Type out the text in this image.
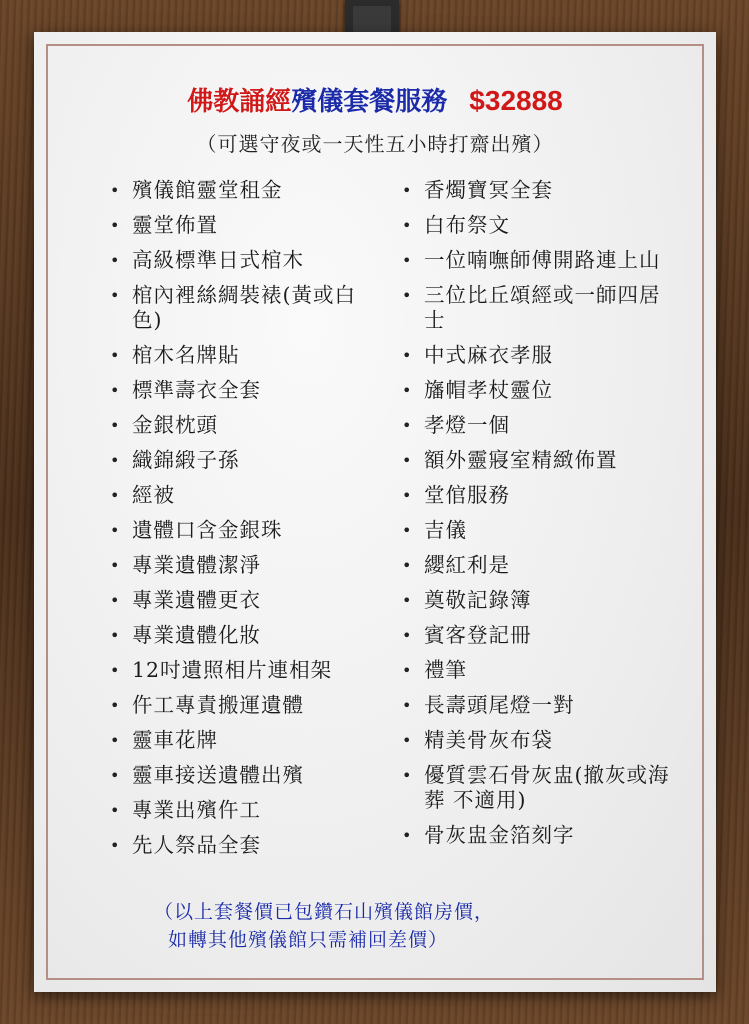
佛教誦經殯儀套餐服務 $32888
（可選守夜或一天性五小時打齋出殯）
• 殯儀館靈堂租金
• 靈堂佈置
• 高級標準日式棺木
• 棺內裡絲綢裝裱(黃或白色)
• 棺木名牌貼
• 標準壽衣全套
• 金銀枕頭
• 織錦緞子孫
• 經被
• 遺體口含金銀珠
• 專業遺體潔淨
• 專業遺體更衣
• 專業遺體化妝
• 12吋遺照相片連相架
• 仵工專責搬運遺體
• 靈車花牌
• 靈車接送遺體出殯
• 專業出殯仵工
• 先人祭品全套
• 香燭寶冥全套
• 白布祭文
• 一位喃嘸師傅開路連上山
• 三位比丘頌經或一師四居士
• 中式麻衣孝服
• 旛帽孝杖靈位
• 孝燈一個
• 額外靈寢室精緻佈置
• 堂倌服務
• 吉儀
• 纓紅利是
• 奠敬記錄簿
• 賓客登記冊
• 禮筆
• 長壽頭尾燈一對
• 精美骨灰布袋
• 優質雲石骨灰盅(撤灰或海葬 不適用)
• 骨灰盅金箔刻字
（以上套餐價已包鑽石山殯儀館房價，
如轉其他殯儀館只需補回差價）
